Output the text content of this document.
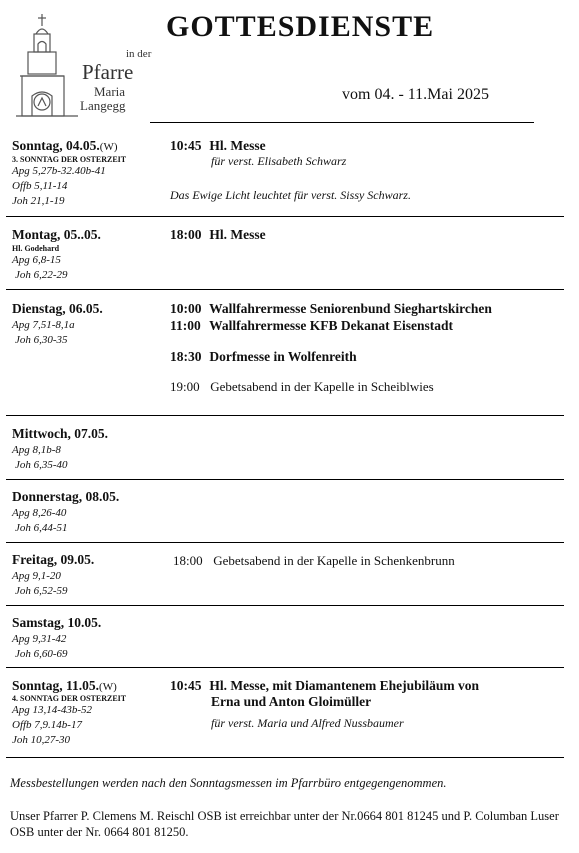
in der
Pfarre
Maria
Langegg
GOTTESDIENSTE
vom 04. - 11.Mai 2025
Sonntag, 04.05.(W)
3. SONNTAG DER OSTERZEIT
Apg 5,27b-32.40b-41
Offb 5,11-14
Joh 21,1-19
10:45 Hl. Messe
für verst. Elisabeth Schwarz
Das Ewige Licht leuchtet für verst. Sissy Schwarz.
Montag, 05..05.
Hl. Godehard
Apg 6,8-15
Joh 6,22-29
18:00 Hl. Messe
Dienstag, 06.05.
Apg 7,51-8,1a
Joh 6,30-35
10:00 Wallfahrermesse Seniorenbund Sieghartskirchen
11:00 Wallfahrermesse KFB Dekanat Eisenstadt
18:30 Dorfmesse in Wolfenreith
19:00 Gebetsabend in der Kapelle in Scheiblwies
Mittwoch, 07.05.
Apg 8,1b-8
Joh 6,35-40
Donnerstag, 08.05.
Apg 8,26-40
Joh 6,44-51
Freitag, 09.05.
Apg 9,1-20
Joh 6,52-59
18:00 Gebetsabend in der Kapelle in Schenkenbrunn
Samstag, 10.05.
Apg 9,31-42
Joh 6,60-69
Sonntag, 11.05.(W)
4. SONNTAG DER OSTERZEIT
Apg 13,14-43b-52
Offb 7,9.14b-17
Joh 10,27-30
10:45 Hl. Messe, mit Diamantenem Ehejubiläum von
Erna und Anton Gloimüller
für verst. Maria und Alfred Nussbaumer
Messbestellungen werden nach den Sonntagsmessen im Pfarrbüro entgegengenommen.
Unser Pfarrer P. Clemens M. Reischl OSB ist erreichbar unter der Nr.0664 801 81245 und P. Columban Luser OSB unter der Nr. 0664 801 81250.
